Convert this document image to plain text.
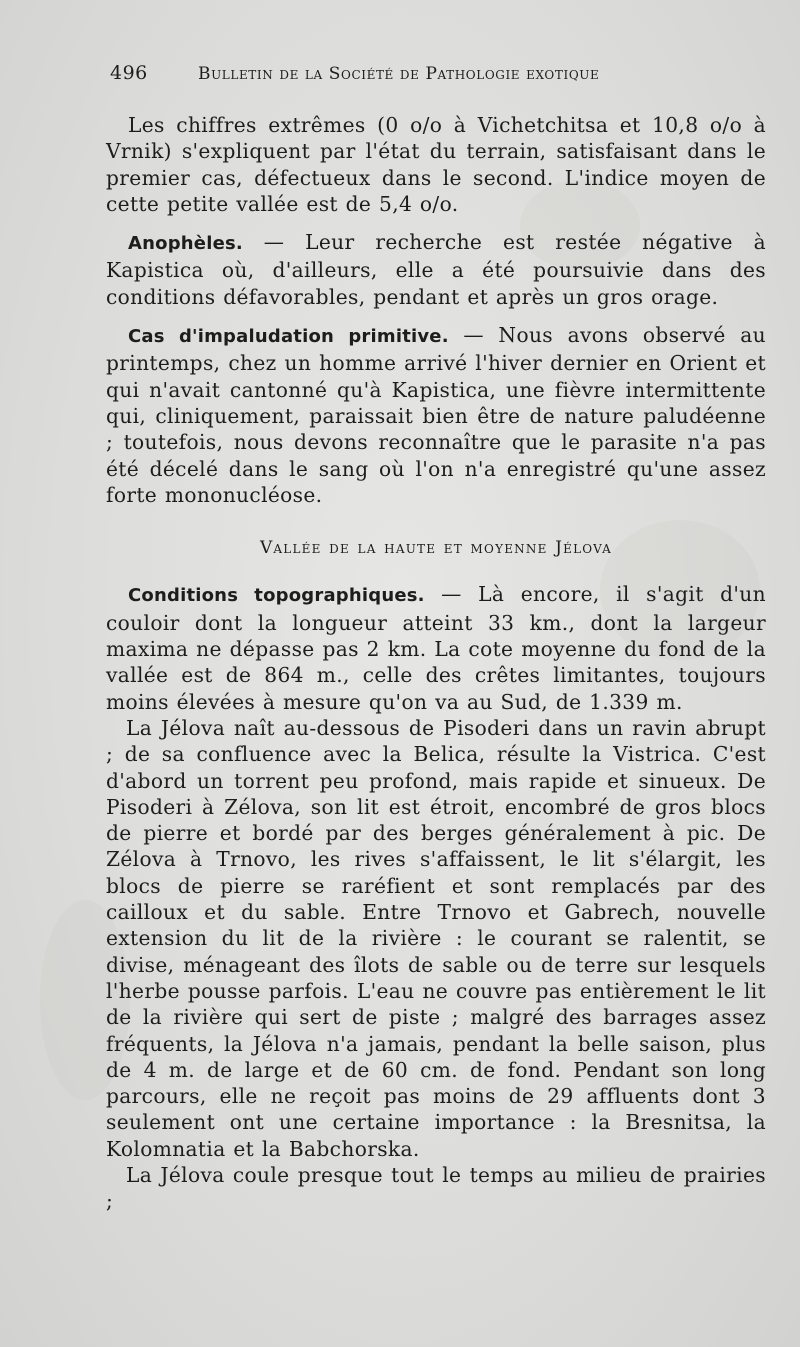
496	Bulletin de la Société de Pathologie exotique

Les chiffres extrêmes (0 o/o à Vichetchitsa et 10,8 o/o à Vrnik) s'expliquent par l'état du terrain, satisfaisant dans le premier cas, défectueux dans le second. L'indice moyen de cette petite vallée est de 5,4 o/o.

Anophèles. — Leur recherche est restée négative à Kapistica où, d'ailleurs, elle a été poursuivie dans des conditions défavorables, pendant et après un gros orage.

Cas d'impaludation primitive. — Nous avons observé au printemps, chez un homme arrivé l'hiver dernier en Orient et qui n'avait cantonné qu'à Kapistica, une fièvre intermittente qui, cliniquement, paraissait bien être de nature paludéenne ; toutefois, nous devons reconnaître que le parasite n'a pas été décelé dans le sang où l'on n'a enregistré qu'une assez forte mononucléose.

Vallée de la haute et moyenne Jélova

Conditions topographiques. — Là encore, il s'agit d'un couloir dont la longueur atteint 33 km., dont la largeur maxima ne dépasse pas 2 km. La cote moyenne du fond de la vallée est de 864 m., celle des crêtes limitantes, toujours moins élevées à mesure qu'on va au Sud, de 1.339 m.

La Jélova naît au-dessous de Pisoderi dans un ravin abrupt ; de sa confluence avec la Belica, résulte la Vistrica. C'est d'abord un torrent peu profond, mais rapide et sinueux. De Pisoderi à Zélova, son lit est étroit, encombré de gros blocs de pierre et bordé par des berges généralement à pic. De Zélova à Trnovo, les rives s'affaissent, le lit s'élargit, les blocs de pierre se raréfient et sont remplacés par des cailloux et du sable. Entre Trnovo et Gabrech, nouvelle extension du lit de la rivière : le courant se ralentit, se divise, ménageant des îlots de sable ou de terre sur lesquels l'herbe pousse parfois. L'eau ne couvre pas entièrement le lit de la rivière qui sert de piste ; malgré des barrages assez fréquents, la Jélova n'a jamais, pendant la belle saison, plus de 4 m. de large et de 60 cm. de fond. Pendant son long parcours, elle ne reçoit pas moins de 29 affluents dont 3 seulement ont une certaine importance : la Bresnitsa, la Kolomnatia et la Babchorska.

La Jélova coule presque tout le temps au milieu de prairies ;
